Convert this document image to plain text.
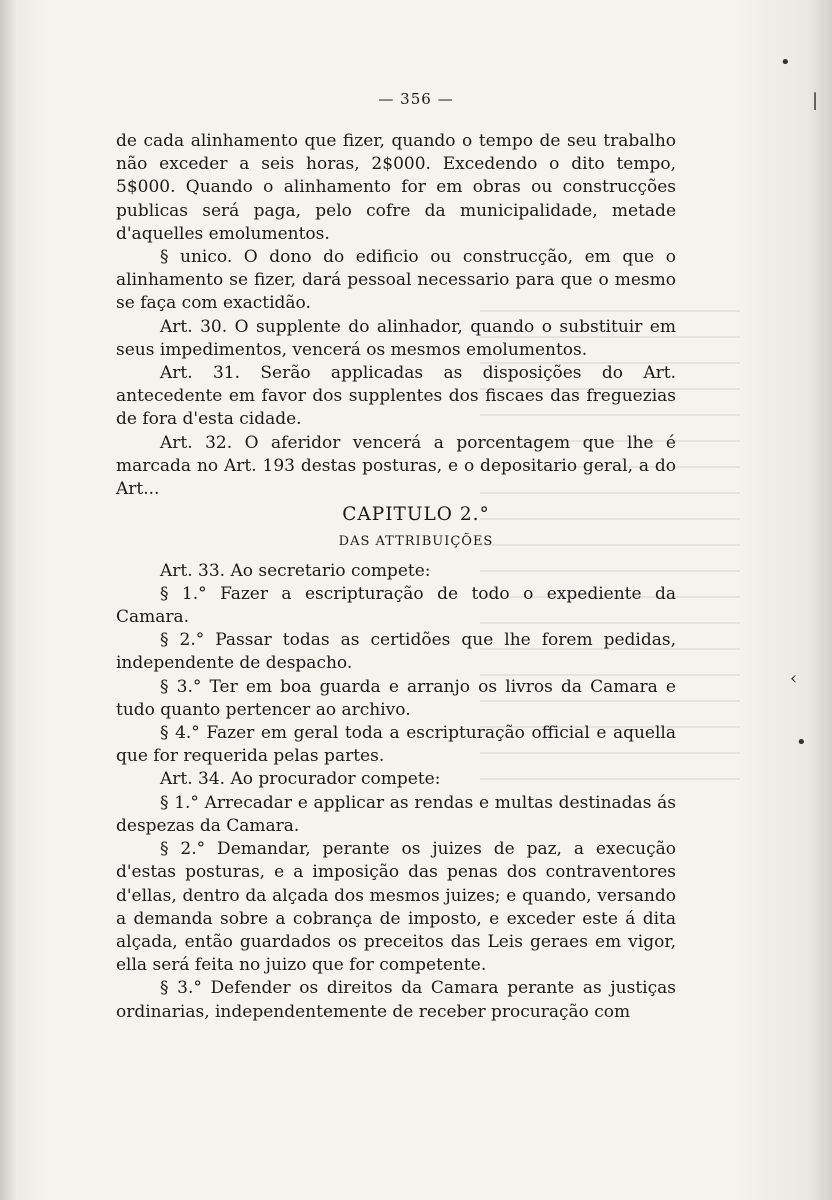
•
|
‹
•
— 356 —

de cada alinhamento que fizer, quando o tempo de seu trabalho não exceder a seis horas, 2$000. Excedendo o dito tempo, 5$000. Quando o alinhamento for em obras ou construcções publicas será paga, pelo cofre da municipalidade, metade d'aquelles emolumentos.

§ unico. O dono do edificio ou construcção, em que o alinhamento se fizer, dará pessoal necessario para que o mesmo se faça com exactidão.

Art. 30. O supplente do alinhador, quando o substituir em seus impedimentos, vencerá os mesmos emolumentos.

Art. 31. Serão applicadas as disposições do Art. antecedente em favor dos supplentes dos fiscaes das freguezias de fora d'esta cidade.

Art. 32. O aferidor vencerá a porcentagem que lhe é marcada no Art. 193 destas posturas, e o depositario geral, a do Art...

CAPITULO 2.°

DAS ATTRIBUIÇÕES

Art. 33. Ao secretario compete:

§ 1.° Fazer a escripturação de todo o expediente da Camara.

§ 2.° Passar todas as certidões que lhe forem pedidas, independente de despacho.

§ 3.° Ter em boa guarda e arranjo os livros da Camara e tudo quanto pertencer ao archivo.

§ 4.° Fazer em geral toda a escripturação official e aquella que for requerida pelas partes.

Art. 34. Ao procurador compete:

§ 1.° Arrecadar e applicar as rendas e multas destinadas ás despezas da Camara.

§ 2.° Demandar, perante os juizes de paz, a execução d'estas posturas, e a imposição das penas dos contraventores d'ellas, dentro da alçada dos mesmos juizes; e quando, versando a demanda sobre a cobrança de imposto, e exceder este á dita alçada, então guardados os preceitos das Leis geraes em vigor, ella será feita no juizo que for competente.

§ 3.° Defender os direitos da Camara perante as justiças ordinarias, independentemente de receber procuração com
